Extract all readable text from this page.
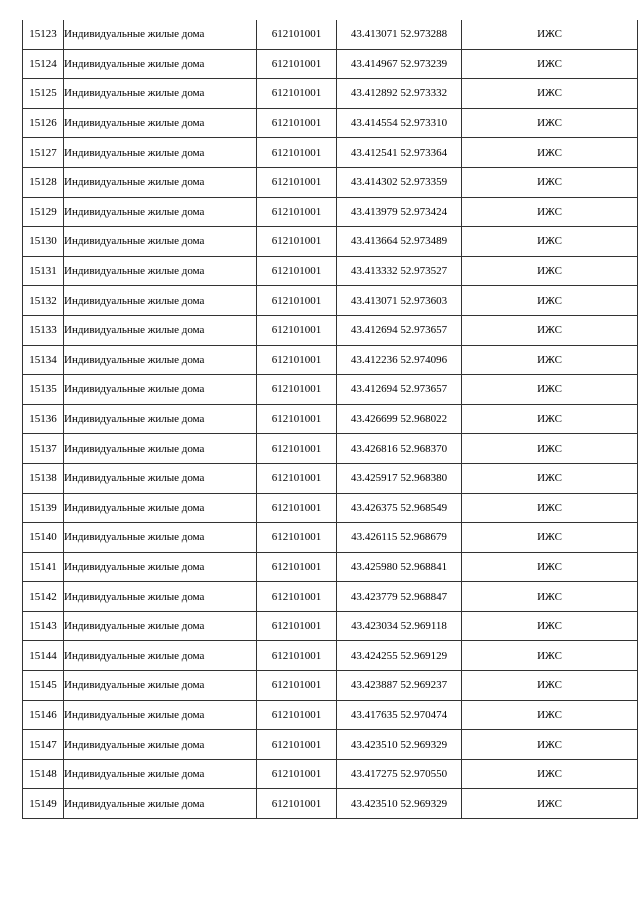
15123	Индивидуальные жилые дома	612101001	43.413071 52.973288	ИЖС
15124	Индивидуальные жилые дома	612101001	43.414967 52.973239	ИЖС
15125	Индивидуальные жилые дома	612101001	43.412892 52.973332	ИЖС
15126	Индивидуальные жилые дома	612101001	43.414554 52.973310	ИЖС
15127	Индивидуальные жилые дома	612101001	43.412541 52.973364	ИЖС
15128	Индивидуальные жилые дома	612101001	43.414302 52.973359	ИЖС
15129	Индивидуальные жилые дома	612101001	43.413979 52.973424	ИЖС
15130	Индивидуальные жилые дома	612101001	43.413664 52.973489	ИЖС
15131	Индивидуальные жилые дома	612101001	43.413332 52.973527	ИЖС
15132	Индивидуальные жилые дома	612101001	43.413071 52.973603	ИЖС
15133	Индивидуальные жилые дома	612101001	43.412694 52.973657	ИЖС
15134	Индивидуальные жилые дома	612101001	43.412236 52.974096	ИЖС
15135	Индивидуальные жилые дома	612101001	43.412694 52.973657	ИЖС
15136	Индивидуальные жилые дома	612101001	43.426699 52.968022	ИЖС
15137	Индивидуальные жилые дома	612101001	43.426816 52.968370	ИЖС
15138	Индивидуальные жилые дома	612101001	43.425917 52.968380	ИЖС
15139	Индивидуальные жилые дома	612101001	43.426375 52.968549	ИЖС
15140	Индивидуальные жилые дома	612101001	43.426115 52.968679	ИЖС
15141	Индивидуальные жилые дома	612101001	43.425980 52.968841	ИЖС
15142	Индивидуальные жилые дома	612101001	43.423779 52.968847	ИЖС
15143	Индивидуальные жилые дома	612101001	43.423034 52.969118	ИЖС
15144	Индивидуальные жилые дома	612101001	43.424255 52.969129	ИЖС
15145	Индивидуальные жилые дома	612101001	43.423887 52.969237	ИЖС
15146	Индивидуальные жилые дома	612101001	43.417635 52.970474	ИЖС
15147	Индивидуальные жилые дома	612101001	43.423510 52.969329	ИЖС
15148	Индивидуальные жилые дома	612101001	43.417275 52.970550	ИЖС
15149	Индивидуальные жилые дома	612101001	43.423510 52.969329	ИЖС
